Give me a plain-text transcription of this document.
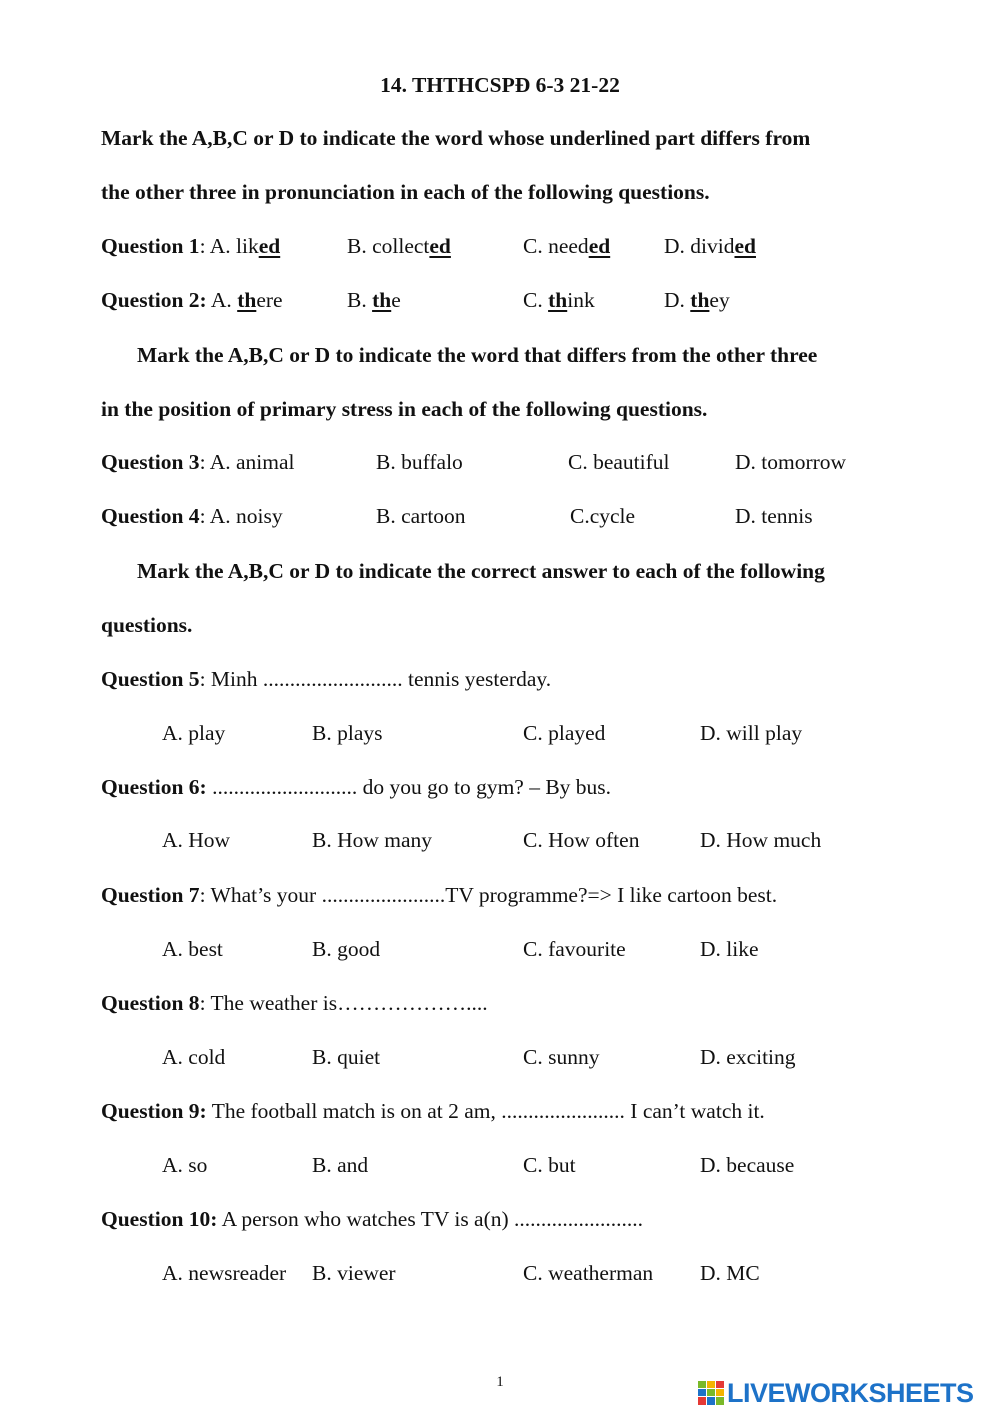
14. THTHCSPĐ 6-3 21-22
Mark the A,B,C or D to indicate the word whose underlined part differs from
the other three in pronunciation in each of the following questions.
Question 1: A. liked	B. collected	C. needed	D. divided
Question 2: A. there	B. the	C. think	D. they
Mark the A,B,C or D to indicate the word that differs from the other three
in the position of primary stress in each of the following questions.
Question 3: A. animal	B. buffalo	C. beautiful	D. tomorrow
Question 4: A. noisy	B. cartoon	C.cycle	D. tennis
Mark the A,B,C or D to indicate the correct answer to each of the following
questions.
Question 5: Minh .......................... tennis yesterday.
A. play	B. plays	C. played	D. will play
Question 6: ........................... do you go to gym? – By bus.
A. How	B. How many	C. How often	D. How much
Question 7: What’s your .......................TV programme?=> I like cartoon best.
A. best	B. good	C. favourite	D. like
Question 8: The weather is………………....
A. cold	B. quiet	C. sunny	D. exciting
Question 9: The football match is on at 2 am, ....................... I can’t watch it.
A. so	B. and	C. but	D. because
Question 10: A person who watches TV is a(n) ........................
A. newsreader B. viewer	C. weatherman D. MC
1	LIVEWORKSHEETS
